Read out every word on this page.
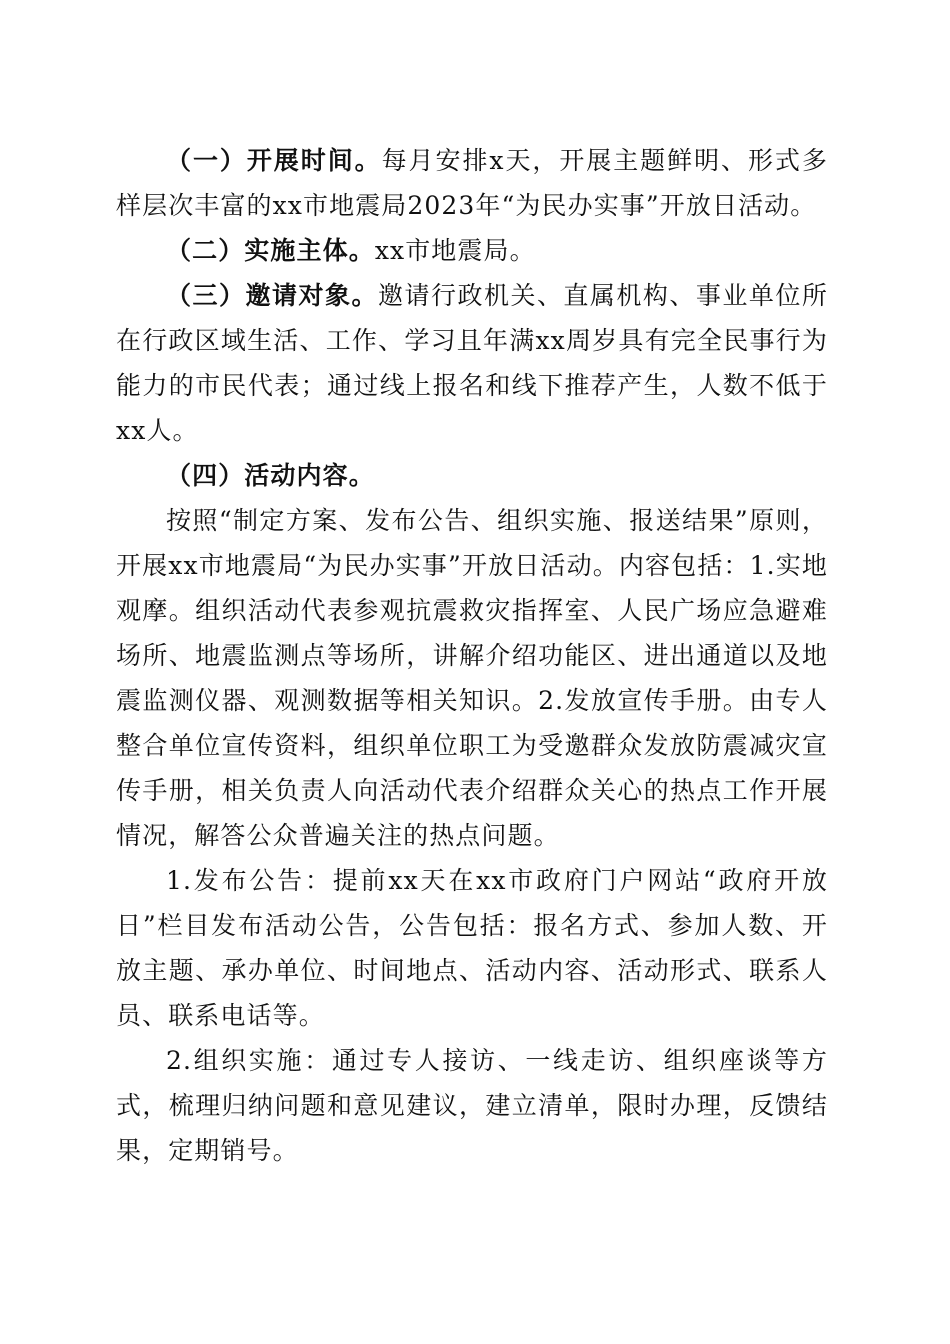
（一）开展时间。每月安排x天，开展主题鲜明、形式多样层次丰富的xx市地震局2023年“为民办实事”开放日活动。

（二）实施主体。xx市地震局。

（三）邀请对象。邀请行政机关、直属机构、事业单位所在行政区域生活、工作、学习且年满xx周岁具有完全民事行为能力的市民代表；通过线上报名和线下推荐产生，人数不低于xx人。

（四）活动内容。

按照“制定方案、发布公告、组织实施、报送结果”原则，开展xx市地震局“为民办实事”开放日活动。内容包括：1.实地观摩。组织活动代表参观抗震救灾指挥室、人民广场应急避难场所、地震监测点等场所，讲解介绍功能区、进出通道以及地震监测仪器、观测数据等相关知识。2.发放宣传手册。由专人整合单位宣传资料，组织单位职工为受邀群众发放防震减灾宣传手册，相关负责人向活动代表介绍群众关心的热点工作开展情况，解答公众普遍关注的热点问题。

1.发布公告：提前xx天在xx市政府门户网站“政府开放日”栏目发布活动公告，公告包括：报名方式、参加人数、开放主题、承办单位、时间地点、活动内容、活动形式、联系人员、联系电话等。

2.组织实施：通过专人接访、一线走访、组织座谈等方式，梳理归纳问题和意见建议，建立清单，限时办理，反馈结果，定期销号。
